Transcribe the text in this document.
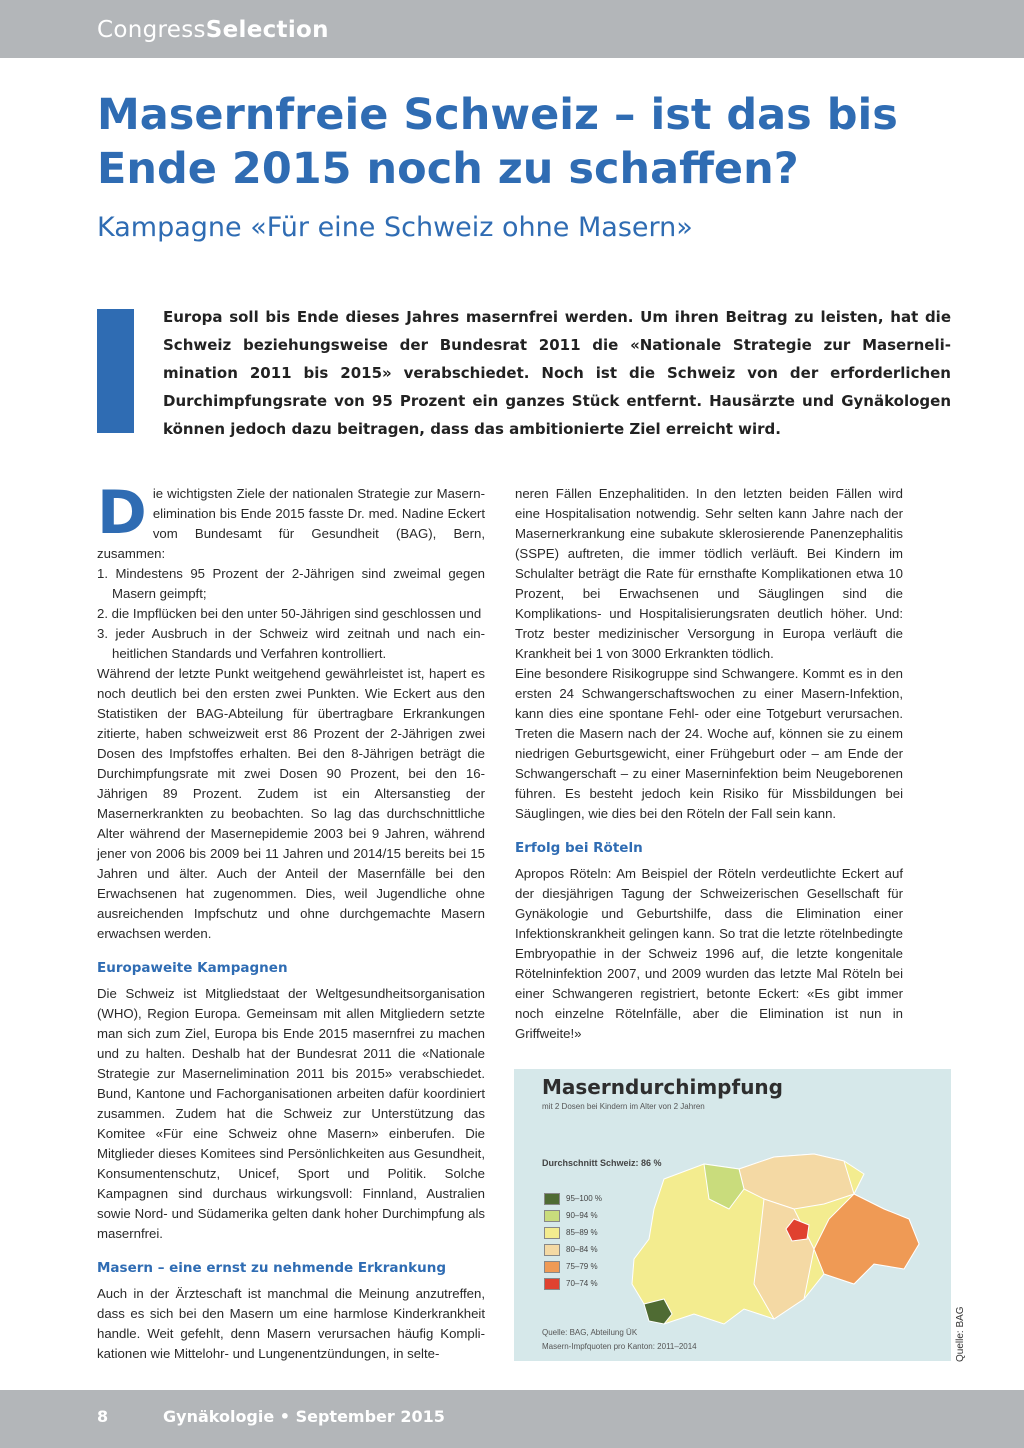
CongressSelection
Masernfreie Schweiz – ist das bis Ende 2015 noch zu schaffen?
Kampagne «Für eine Schweiz ohne Masern»
Europa soll bis Ende dieses Jahres masernfrei werden. Um ihren Beitrag zu leisten, hat die Schweiz beziehungsweise der Bundesrat 2011 die «Nationale Strategie zur Masernelimination 2011 bis 2015» verabschiedet. Noch ist die Schweiz von der erforderlichen Durchimpfungsrate von 95 Prozent ein ganzes Stück entfernt. Hausärzte und Gynäkologen können jedoch dazu beitragen, dass das ambitionierte Ziel erreicht wird.
D ie wichtigsten Ziele der nationalen Strategie zur Masernelimination bis Ende 2015 fasste Dr. med. Nadine Eckert vom Bundesamt für Gesundheit (BAG), Bern, zusammen:

1. Mindestens 95 Prozent der 2-Jährigen sind zweimal gegen Masern geimpft;
2. die Impflücken bei den unter 50-Jährigen sind geschlossen und
3. jeder Ausbruch in der Schweiz wird zeitnah und nach einheitlichen Standards und Verfahren kontrolliert.

Während der letzte Punkt weitgehend gewährleistet ist, hapert es noch deutlich bei den ersten zwei Punkten. Wie Eckert aus den Statistiken der BAG-Abteilung für übertragbare Erkrankungen zitierte, haben schweizweit erst 86 Prozent der 2-Jährigen zwei Dosen des Impfstoffes erhalten. Bei den 8-Jährigen beträgt die Durchimpfungsrate mit zwei Dosen 90 Prozent, bei den 16-Jährigen 89 Prozent. Zudem ist ein Altersanstieg der Masernerkrankten zu beobachten. So lag das durchschnittliche Alter während der Masernepidemie 2003 bei 9 Jahren, während jener von 2006 bis 2009 bei 11 Jahren und 2014/15 bereits bei 15 Jahren und älter. Auch der Anteil der Masernfälle bei den Erwachsenen hat zugenommen. Dies, weil Jugendliche ohne ausreichenden Impfschutz und ohne durchgemachte Masern erwachsen werden.

Europaweite Kampagnen

Die Schweiz ist Mitgliedstaat der Weltgesundheitsorganisation (WHO), Region Europa. Gemeinsam mit allen Mitgliedern setzte man sich zum Ziel, Europa bis Ende 2015 masernfrei zu machen und zu halten. Deshalb hat der Bundesrat 2011 die «Nationale Strategie zur Masernelimination 2011 bis 2015» verabschiedet. Bund, Kantone und Fachorganisationen arbeiten dafür koordiniert zusammen. Zudem hat die Schweiz zur Unterstützung das Komitee «Für eine Schweiz ohne Masern» einberufen. Die Mitglieder dieses Komitees sind Persönlichkeiten aus Gesundheit, Konsumentenschutz, Unicef, Sport und Politik. Solche Kampagnen sind durchaus wirkungsvoll: Finnland, Australien sowie Nord- und Südamerika gelten dank hoher Durchimpfung als masernfrei.

Masern – eine ernst zu nehmende Erkrankung

Auch in der Ärzteschaft ist manchmal die Meinung anzutreffen, dass es sich bei den Masern um eine harmlose Kinderkrankheit handle. Weit gefehlt, denn Masern verursachen häufig Komplikationen wie Mittelohr- und Lungenentzündungen, in selte-

neren Fällen Enzephalitiden. In den letzten beiden Fällen wird eine Hospitalisation notwendig. Sehr selten kann Jahre nach der Masernerkrankung eine subakute sklerosierende Panenzephalitis (SSPE) auftreten, die immer tödlich verläuft. Bei Kindern im Schulalter beträgt die Rate für ernsthafte Komplikationen etwa 10 Prozent, bei Erwachsenen und Säuglingen sind die Komplikations- und Hospitalisierungsraten deutlich höher. Und: Trotz bester medizinischer Versorgung in Europa verläuft die Krankheit bei 1 von 3000 Erkrankten tödlich.

Eine besondere Risikogruppe sind Schwangere. Kommt es in den ersten 24 Schwangerschaftswochen zu einer Masern-Infektion, kann dies eine spontane Fehl- oder eine Totgeburt verursachen. Treten die Masern nach der 24. Woche auf, können sie zu einem niedrigen Geburtsgewicht, einer Frühgeburt oder – am Ende der Schwangerschaft – zu einer Maserninfektion beim Neugeborenen führen. Es besteht jedoch kein Risiko für Missbildungen bei Säuglingen, wie dies bei den Röteln der Fall sein kann.

Erfolg bei Röteln

Apropos Röteln: Am Beispiel der Röteln verdeutlichte Eckert auf der diesjährigen Tagung der Schweizerischen Gesellschaft für Gynäkologie und Geburtshilfe, dass die Elimination einer Infektionskrankheit gelingen kann. So trat die letzte rötelnbedingte Embryopathie in der Schweiz 1996 auf, die letzte kongenitale Rötelninfektion 2007, und 2009 wurden das letzte Mal Röteln bei einer Schwangeren registriert, betonte Eckert: «Es gibt immer noch einzelne Rötelnfälle, aber die Elimination ist nun in Griffweite!»

Maserndurchimpfung
mit 2 Dosen bei Kindern im Alter von 2 Jahren
Durchschnitt Schweiz: 86 %
95–100 %
90–94 %
85–89 %
80–84 %
75–79 %
70–74 %
Quelle: BAG, Abteilung ÜK
Masern-Impfquoten pro Kanton: 2011–2014	Quelle: BAG
8	Gynäkologie • September 2015
